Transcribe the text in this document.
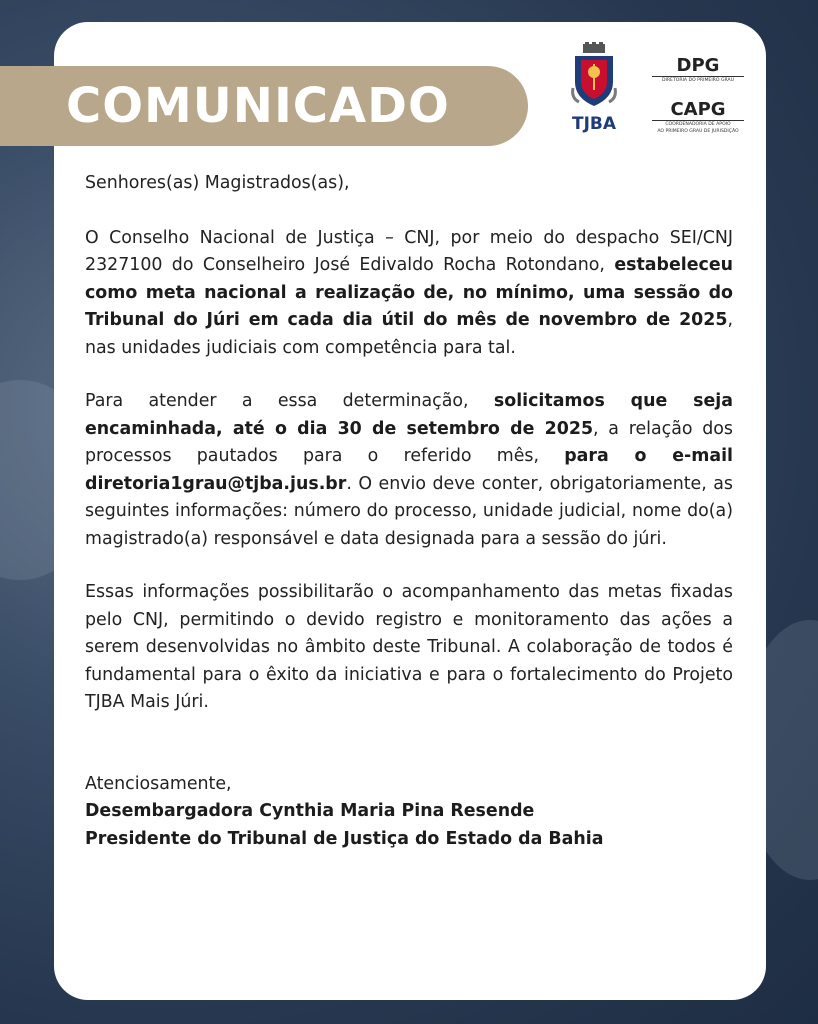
COMUNICADO	TJBA
DPG
DIRETORIA DO PRIMEIRO GRAU
CAPG
COORDENADORIA DE APOIO
AO PRIMEIRO GRAU DE JURISDIÇÃO

Senhores(as) Magistrados(as),

O Conselho Nacional de Justiça – CNJ, por meio do despacho SEI/CNJ 2327100 do Conselheiro José Edivaldo Rocha Rotondano, estabeleceu como meta nacional a realização de, no mínimo, uma sessão do Tribunal do Júri em cada dia útil do mês de novembro de 2025, nas unidades judiciais com competência para tal.

Para atender a essa determinação, solicitamos que seja encaminhada, até o dia 30 de setembro de 2025, a relação dos processos pautados para o referido mês, para o e-mail diretoria1grau@tjba.jus.br. O envio deve conter, obrigatoriamente, as seguintes informações: número do processo, unidade judicial, nome do(a) magistrado(a) responsável e data designada para a sessão do júri.

Essas informações possibilitarão o acompanhamento das metas fixadas pelo CNJ, permitindo o devido registro e monitoramento das ações a serem desenvolvidas no âmbito deste Tribunal. A colaboração de todos é fundamental para o êxito da iniciativa e para o fortalecimento do Projeto TJBA Mais Júri.

Atenciosamente,

Desembargadora Cynthia Maria Pina Resende

Presidente do Tribunal de Justiça do Estado da Bahia
